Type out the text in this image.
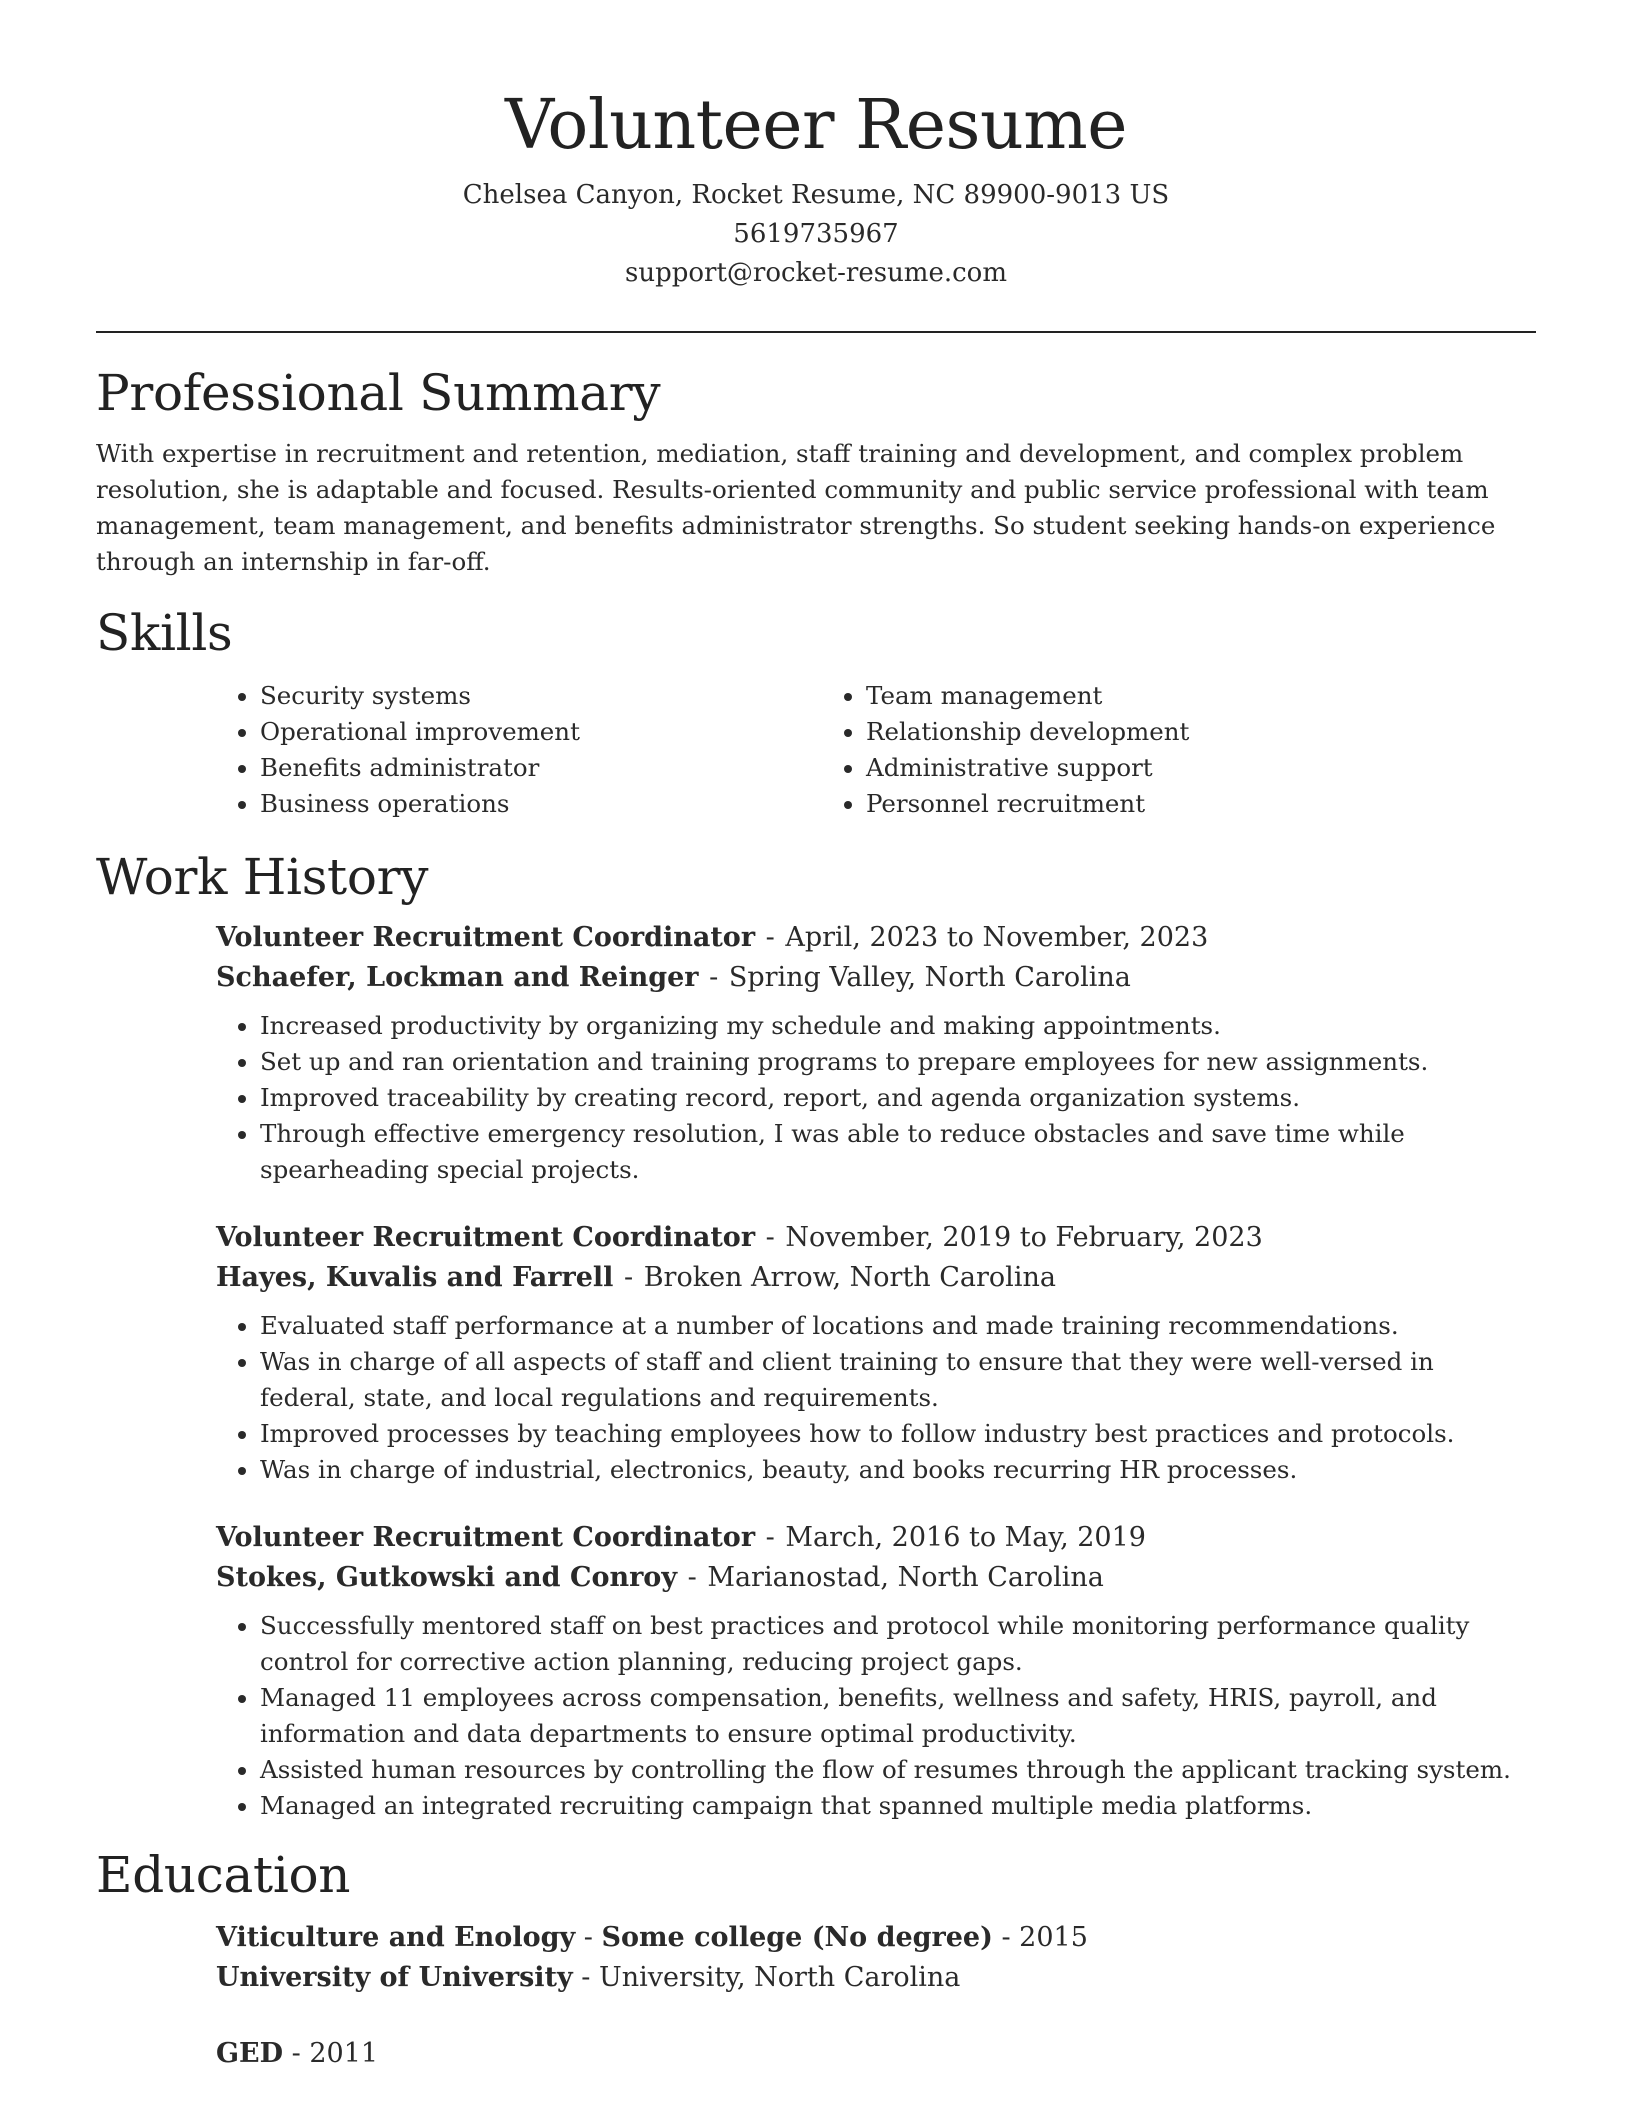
Volunteer Resume
Chelsea Canyon, Rocket Resume, NC 89900-9013 US
5619735967
support@rocket-resume.com
Professional Summary

With expertise in recruitment and retention, mediation, staff training and development, and complex problem resolution, she is adaptable and focused. Results-oriented community and public service professional with team management, team management, and benefits administrator strengths. So student seeking hands-on experience through an internship in far-off.

Skills
• Security systems
• Operational improvement
• Benefits administrator
• Business operations
• Team management
• Relationship development
• Administrative support
• Personnel recruitment
Work History
Volunteer Recruitment Coordinator - April, 2023 to November, 2023
Schaefer, Lockman and Reinger - Spring Valley, North Carolina
• Increased productivity by organizing my schedule and making appointments.
• Set up and ran orientation and training programs to prepare employees for new assignments.
• Improved traceability by creating record, report, and agenda organization systems.
• Through effective emergency resolution, I was able to reduce obstacles and save time while spearheading special projects.
Volunteer Recruitment Coordinator - November, 2019 to February, 2023
Hayes, Kuvalis and Farrell - Broken Arrow, North Carolina
• Evaluated staff performance at a number of locations and made training recommendations.
• Was in charge of all aspects of staff and client training to ensure that they were well-versed in federal, state, and local regulations and requirements.
• Improved processes by teaching employees how to follow industry best practices and protocols.
• Was in charge of industrial, electronics, beauty, and books recurring HR processes.
Volunteer Recruitment Coordinator - March, 2016 to May, 2019
Stokes, Gutkowski and Conroy - Marianostad, North Carolina
• Successfully mentored staff on best practices and protocol while monitoring performance quality control for corrective action planning, reducing project gaps.
• Managed 11 employees across compensation, benefits, wellness and safety, HRIS, payroll, and information and data departments to ensure optimal productivity.
• Assisted human resources by controlling the flow of resumes through the applicant tracking system.
• Managed an integrated recruiting campaign that spanned multiple media platforms.
Education
Viticulture and Enology - Some college (No degree) - 2015
University of University - University, North Carolina
GED - 2011
